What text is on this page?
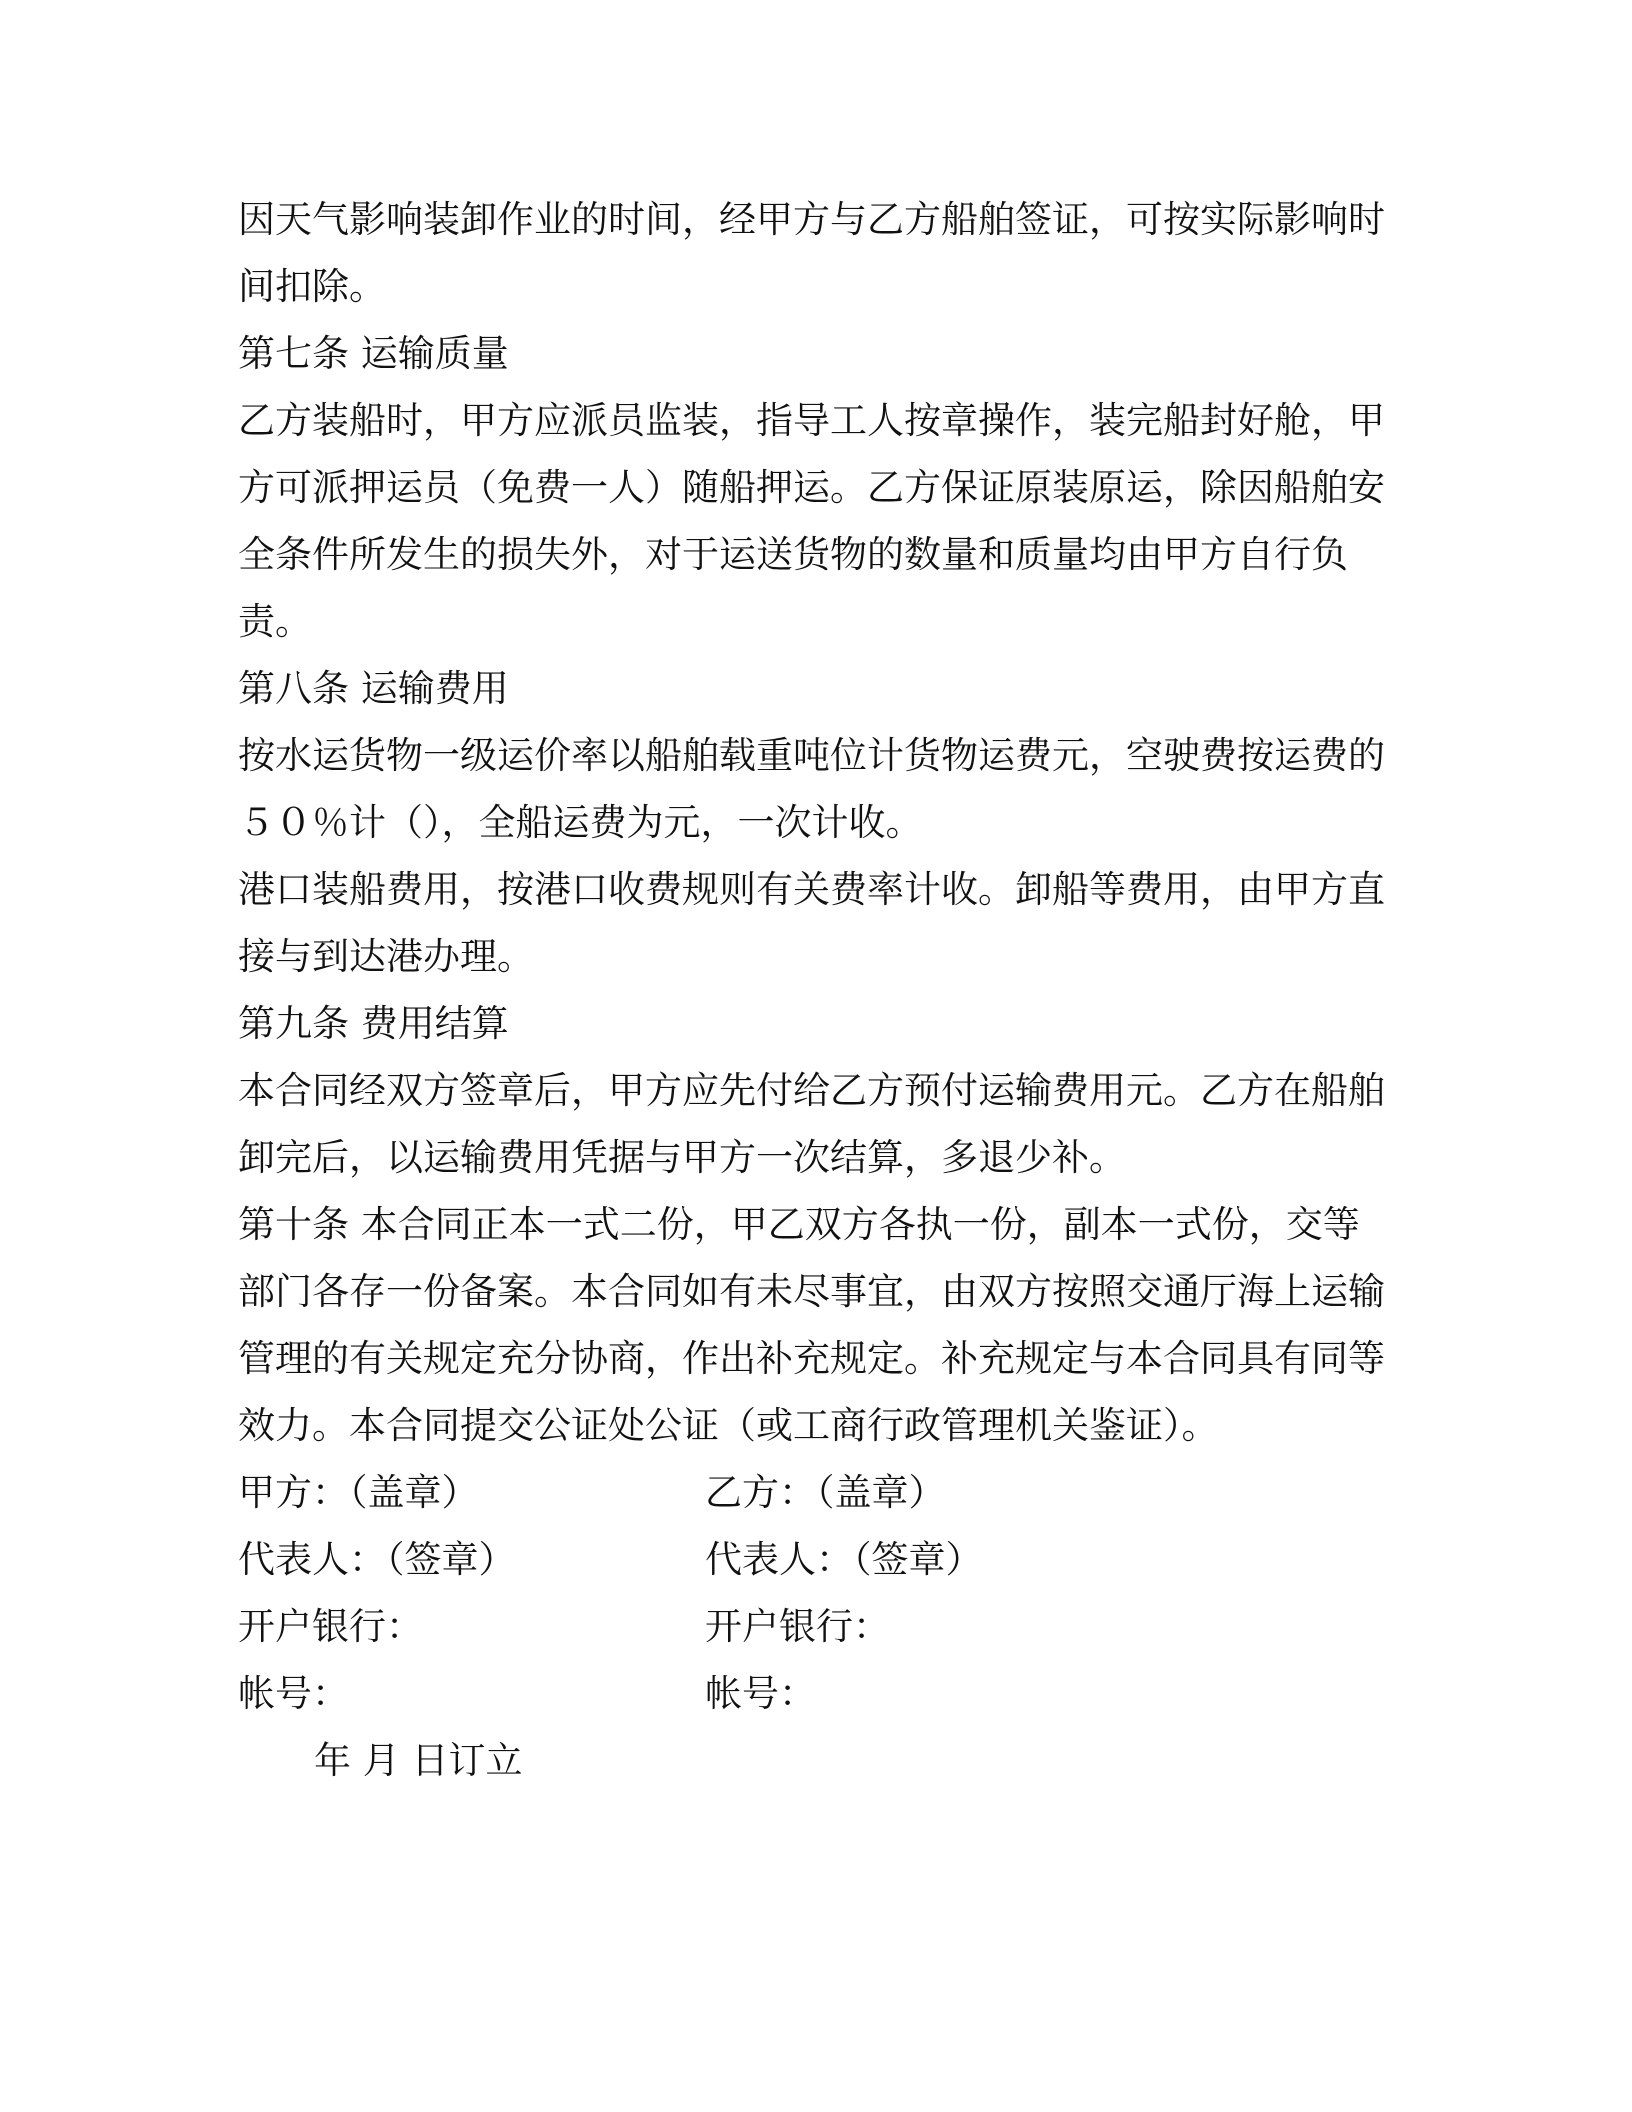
因天气影响装卸作业的时间，经甲方与乙方船舶签证，可按实际影响时
间扣除。
第七条 运输质量
乙方装船时，甲方应派员监装，指导工人按章操作，装完船封好舱，甲
方可派押运员（免费一人）随船押运。乙方保证原装原运，除因船舶安
全条件所发生的损失外，对于运送货物的数量和质量均由甲方自行负
责。
第八条 运输费用
按水运货物一级运价率以船舶载重吨位计货物运费元，空驶费按运费的
５０％计（），全船运费为元，一次计收。
港口装船费用，按港口收费规则有关费率计收。卸船等费用，由甲方直
接与到达港办理。
第九条 费用结算
本合同经双方签章后，甲方应先付给乙方预付运输费用元。乙方在船舶
卸完后，以运输费用凭据与甲方一次结算，多退少补。
第十条 本合同正本一式二份，甲乙双方各执一份，副本一式份，交等
部门各存一份备案。本合同如有未尽事宜，由双方按照交通厅海上运输
管理的有关规定充分协商，作出补充规定。补充规定与本合同具有同等
效力。本合同提交公证处公证（或工商行政管理机关鉴证）。
甲方：（盖章）	乙方：（盖章）
代表人：（签章）	代表人：（签章）
开户银行：	开户银行：
帐号：	帐号：
年 月 日订立
